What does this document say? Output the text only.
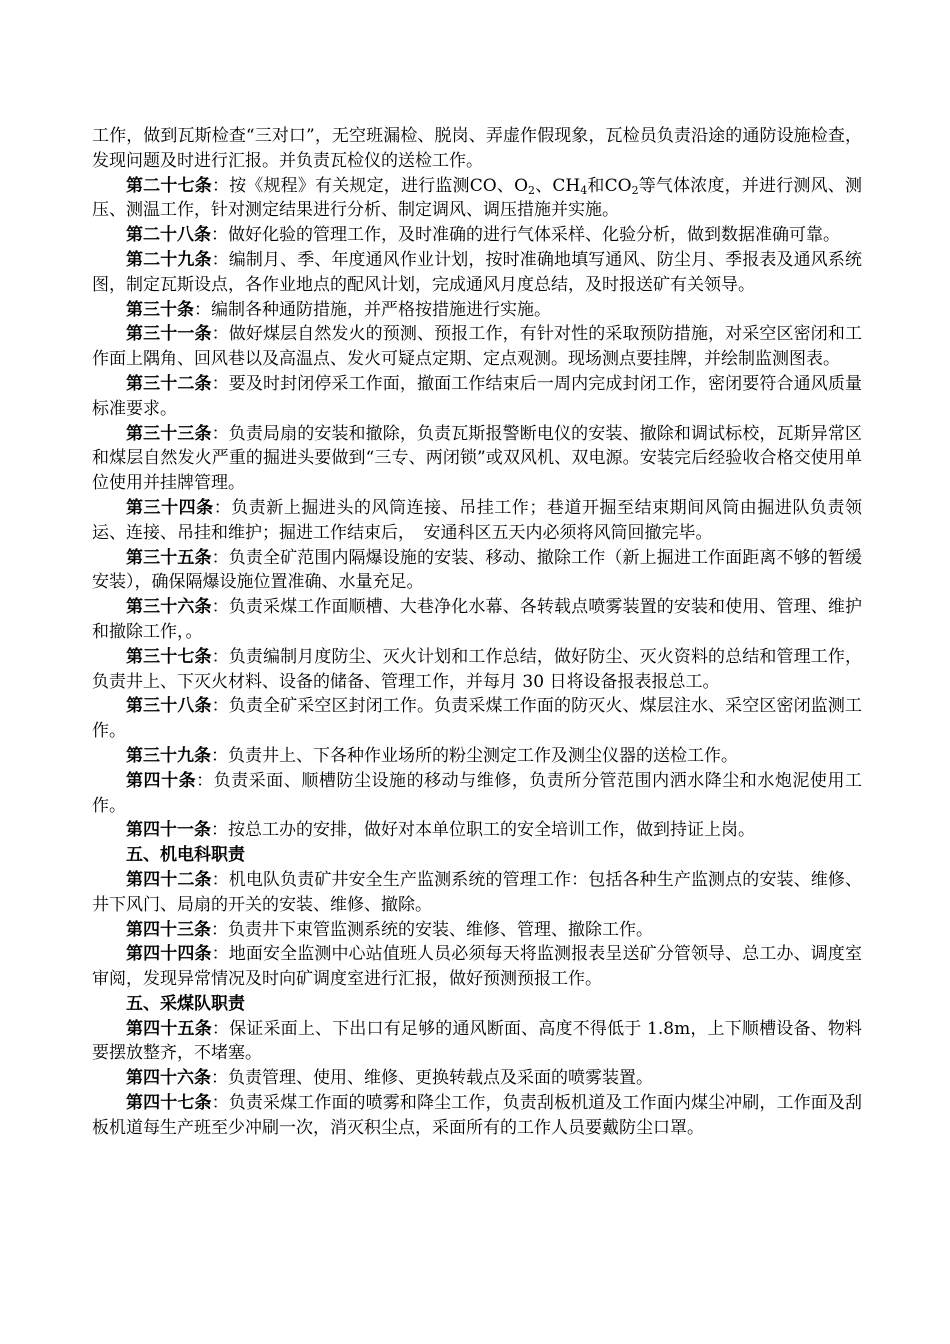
工作，做到瓦斯检查“三对口”，无空班漏检、脱岗、弄虚作假现象，瓦检员负责沿途的通防设施检查，发现问题及时进行汇报。并负责瓦检仪的送检工作。

第二十七条：按《规程》有关规定，进行监测CO、$O_2$、$CH_4$和$CO_2$等气体浓度，并进行测风、测压、测温工作，针对测定结果进行分析、制定调风、调压措施并实施。

第二十八条：做好化验的管理工作，及时准确的进行气体采样、化验分析，做到数据准确可靠。

第二十九条：编制月、季、年度通风作业计划，按时准确地填写通风、防尘月、季报表及通风系统图，制定瓦斯设点，各作业地点的配风计划，完成通风月度总结，及时报送矿有关领导。

第三十条：编制各种通防措施，并严格按措施进行实施。

第三十一条：做好煤层自然发火的预测、预报工作，有针对性的采取预防措施，对采空区密闭和工作面上隅角、回风巷以及高温点、发火可疑点定期、定点观测。现场测点要挂牌，并绘制监测图表。

第三十二条：要及时封闭停采工作面，撤面工作结束后一周内完成封闭工作，密闭要符合通风质量标准要求。

第三十三条：负责局扇的安装和撤除，负责瓦斯报警断电仪的安装、撤除和调试标校，瓦斯异常区和煤层自然发火严重的掘进头要做到“三专、两闭锁”或双风机、双电源。安装完后经验收合格交使用单位使用并挂牌管理。

第三十四条：负责新上掘进头的风筒连接、吊挂工作；巷道开掘至结束期间风筒由掘进队负责领运、连接、吊挂和维护；掘进工作结束后，　安通科区五天内必须将风筒回撤完毕。

第三十五条：负责全矿范围内隔爆设施的安装、移动、撤除工作（新上掘进工作面距离不够的暂缓安装），确保隔爆设施位置准确、水量充足。

第三十六条：负责采煤工作面顺槽、大巷净化水幕、各转载点喷雾装置的安装和使用、管理、维护和撤除工作，。

第三十七条：负责编制月度防尘、灭火计划和工作总结，做好防尘、灭火资料的总结和管理工作，负责井上、下灭火材料、设备的储备、管理工作，并每月 30 日将设备报表报总工。

第三十八条：负责全矿采空区封闭工作。负责采煤工作面的防灭火、煤层注水、采空区密闭监测工作。

第三十九条：负责井上、下各种作业场所的粉尘测定工作及测尘仪器的送检工作。

第四十条：负责采面、顺槽防尘设施的移动与维修，负责所分管范围内洒水降尘和水炮泥使用工作。

第四十一条：按总工办的安排，做好对本单位职工的安全培训工作，做到持证上岗。

五、机电科职责

第四十二条：机电队负责矿井安全生产监测系统的管理工作：包括各种生产监测点的安装、维修、井下风门、局扇的开关的安装、维修、撤除。

第四十三条：负责井下束管监测系统的安装、维修、管理、撤除工作。

第四十四条：地面安全监测中心站值班人员必须每天将监测报表呈送矿分管领导、总工办、调度室审阅，发现异常情况及时向矿调度室进行汇报，做好预测预报工作。

五、采煤队职责

第四十五条：保证采面上、下出口有足够的通风断面、高度不得低于 1.8m，上下顺槽设备、物料要摆放整齐，不堵塞。

第四十六条：负责管理、使用、维修、更换转载点及采面的喷雾装置。

第四十七条：负责采煤工作面的喷雾和降尘工作，负责刮板机道及工作面内煤尘冲刷，工作面及刮板机道每生产班至少冲刷一次，消灭积尘点，采面所有的工作人员要戴防尘口罩。
